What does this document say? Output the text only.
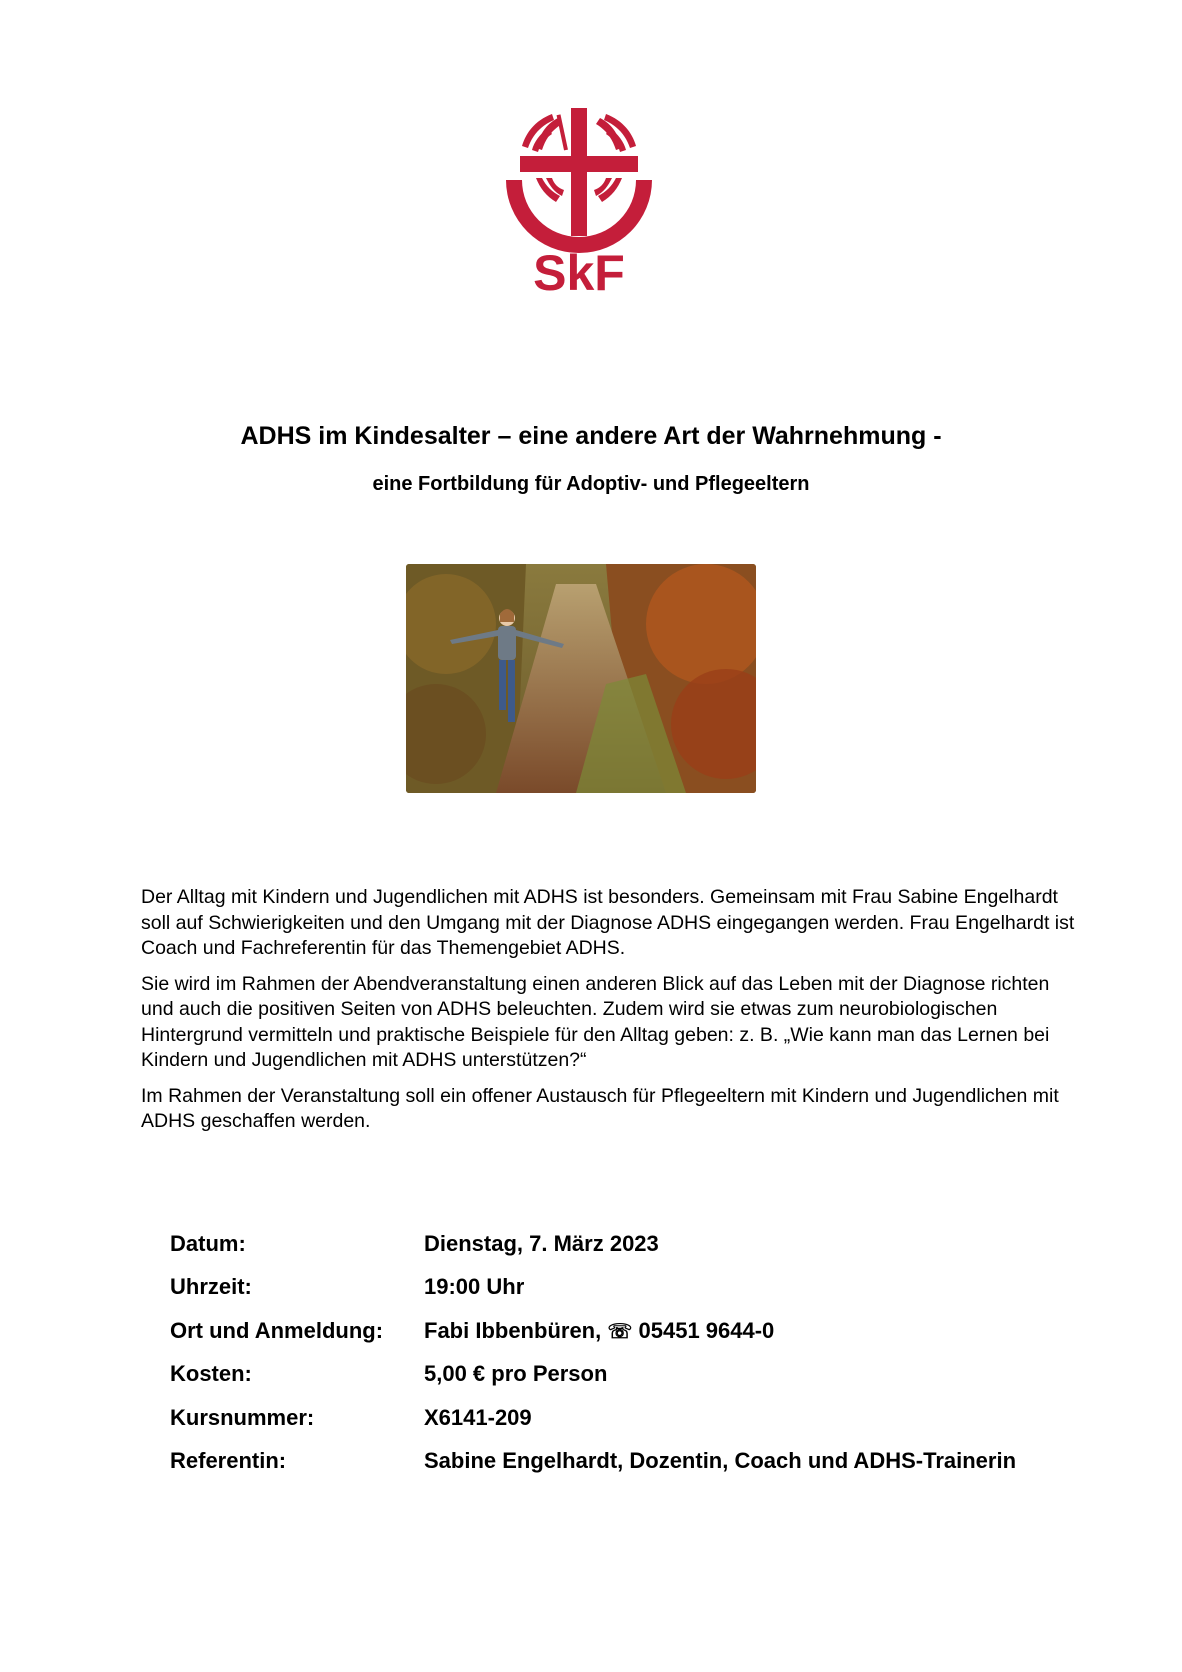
SkF
ADHS im Kindesalter – eine andere Art der Wahrnehmung -
eine Fortbildung für Adoptiv- und Pflegeeltern

Der Alltag mit Kindern und Jugendlichen mit ADHS ist besonders. Gemeinsam mit Frau Sabine Engelhardt soll auf Schwierigkeiten und den Umgang mit der Diagnose ADHS eingegangen werden. Frau Engelhardt ist Coach und Fachreferentin für das Themengebiet ADHS.

Sie wird im Rahmen der Abendveranstaltung einen anderen Blick auf das Leben mit der Diagnose richten und auch die positiven Seiten von ADHS beleuchten. Zudem wird sie etwas zum neurobiologischen Hintergrund vermitteln und praktische Beispiele für den Alltag geben: z. B. „Wie kann man das Lernen bei Kindern und Jugendlichen mit ADHS unterstützen?“

Im Rahmen der Veranstaltung soll ein offener Austausch für Pflegeeltern mit Kindern und Jugendlichen mit ADHS geschaffen werden.

Datum:	Dienstag, 7. März 2023
Uhrzeit:	19:00 Uhr
Ort und Anmeldung:	Fabi Ibbenbüren, ☏ 05451 9644-0
Kosten:	5,00 € pro Person
Kursnummer:	X6141-209
Referentin:	Sabine Engelhardt, Dozentin, Coach und ADHS-Trainerin
